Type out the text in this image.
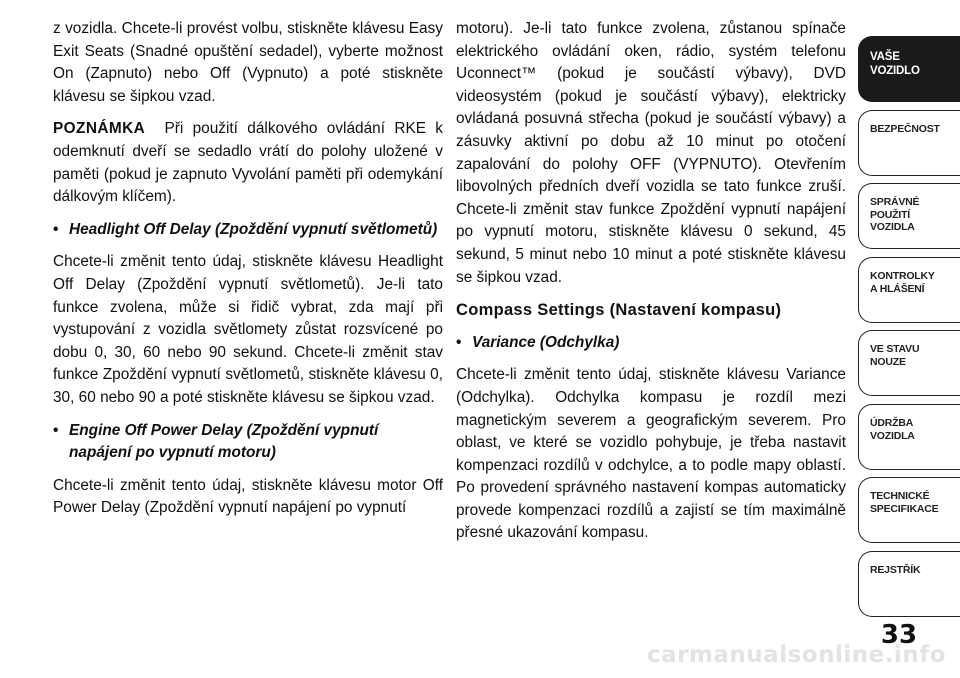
z vozidla. Chcete-li provést volbu, stiskněte klávesu Easy Exit Seats (Snadné opuštění sedadel), vyberte možnost On (Zapnuto) nebo Off (Vypnuto) a poté stiskněte klávesu se šipkou vzad.

POZNÁMKA Při použití dálkového ovládání RKE k odemknutí dveří se sedadlo vrátí do polohy uložené v paměti (pokud je zapnuto Vyvolání paměti při odemykání dálkovým klíčem).

• Headlight Off Delay (Zpoždění vypnutí světlometů)

Chcete-li změnit tento údaj, stiskněte klávesu Headlight Off Delay (Zpoždění vypnutí světlometů). Je-li tato funkce zvolena, může si řidič vybrat, zda mají při vystupování z vozidla světlomety zůstat rozsvícené po dobu 0, 30, 60 nebo 90 sekund. Chcete-li změnit stav funkce Zpoždění vypnutí světlometů, stiskněte klávesu 0, 30, 60 nebo 90 a poté stiskněte klávesu se šipkou vzad.

• Engine Off Power Delay (Zpoždění vypnutí napájení po vypnutí motoru)

Chcete-li změnit tento údaj, stiskněte klávesu motor Off Power Delay (Zpoždění vypnutí napájení po vypnutí

motoru). Je-li tato funkce zvolena, zůstanou spínače elektrického ovládání oken, rádio, systém telefonu Uconnect™ (pokud je součástí výbavy), DVD videosystém (pokud je součástí výbavy), elektricky ovládaná posuvná střecha (pokud je součástí výbavy) a zásuvky aktivní po dobu až 10 minut po otočení zapalování do polohy OFF (VYPNUTO). Otevřením libovolných předních dveří vozidla se tato funkce zruší. Chcete-li změnit stav funkce Zpoždění vypnutí napájení po vypnutí motoru, stiskněte klávesu 0 sekund, 45 sekund, 5 minut nebo 10 minut a poté stiskněte klávesu se šipkou vzad.

Compass Settings (Nastavení kompasu)

• Variance (Odchylka)

Chcete-li změnit tento údaj, stiskněte klávesu Variance (Odchylka). Odchylka kompasu je rozdíl mezi magnetickým severem a geografickým severem. Pro oblast, ve které se vozidlo pohybuje, je třeba nastavit kompenzaci rozdílů v odchylce, a to podle mapy oblastí. Po provedení správného nastavení kompas automaticky provede kompenzaci rozdílů a zajistí se tím maximálně přesné ukazování kompasu.

VAŠE
VOZIDLO
BEZPEČNOST
SPRÁVNÉ
POUŽITÍ
VOZIDLA
KONTROLKY
A HLÁŠENÍ
VE STAVU
NOUZE
ÚDRŽBA
VOZIDLA
TECHNICKÉ
SPECIFIKACE
REJSTŘÍK
33
carmanualsonline.info
